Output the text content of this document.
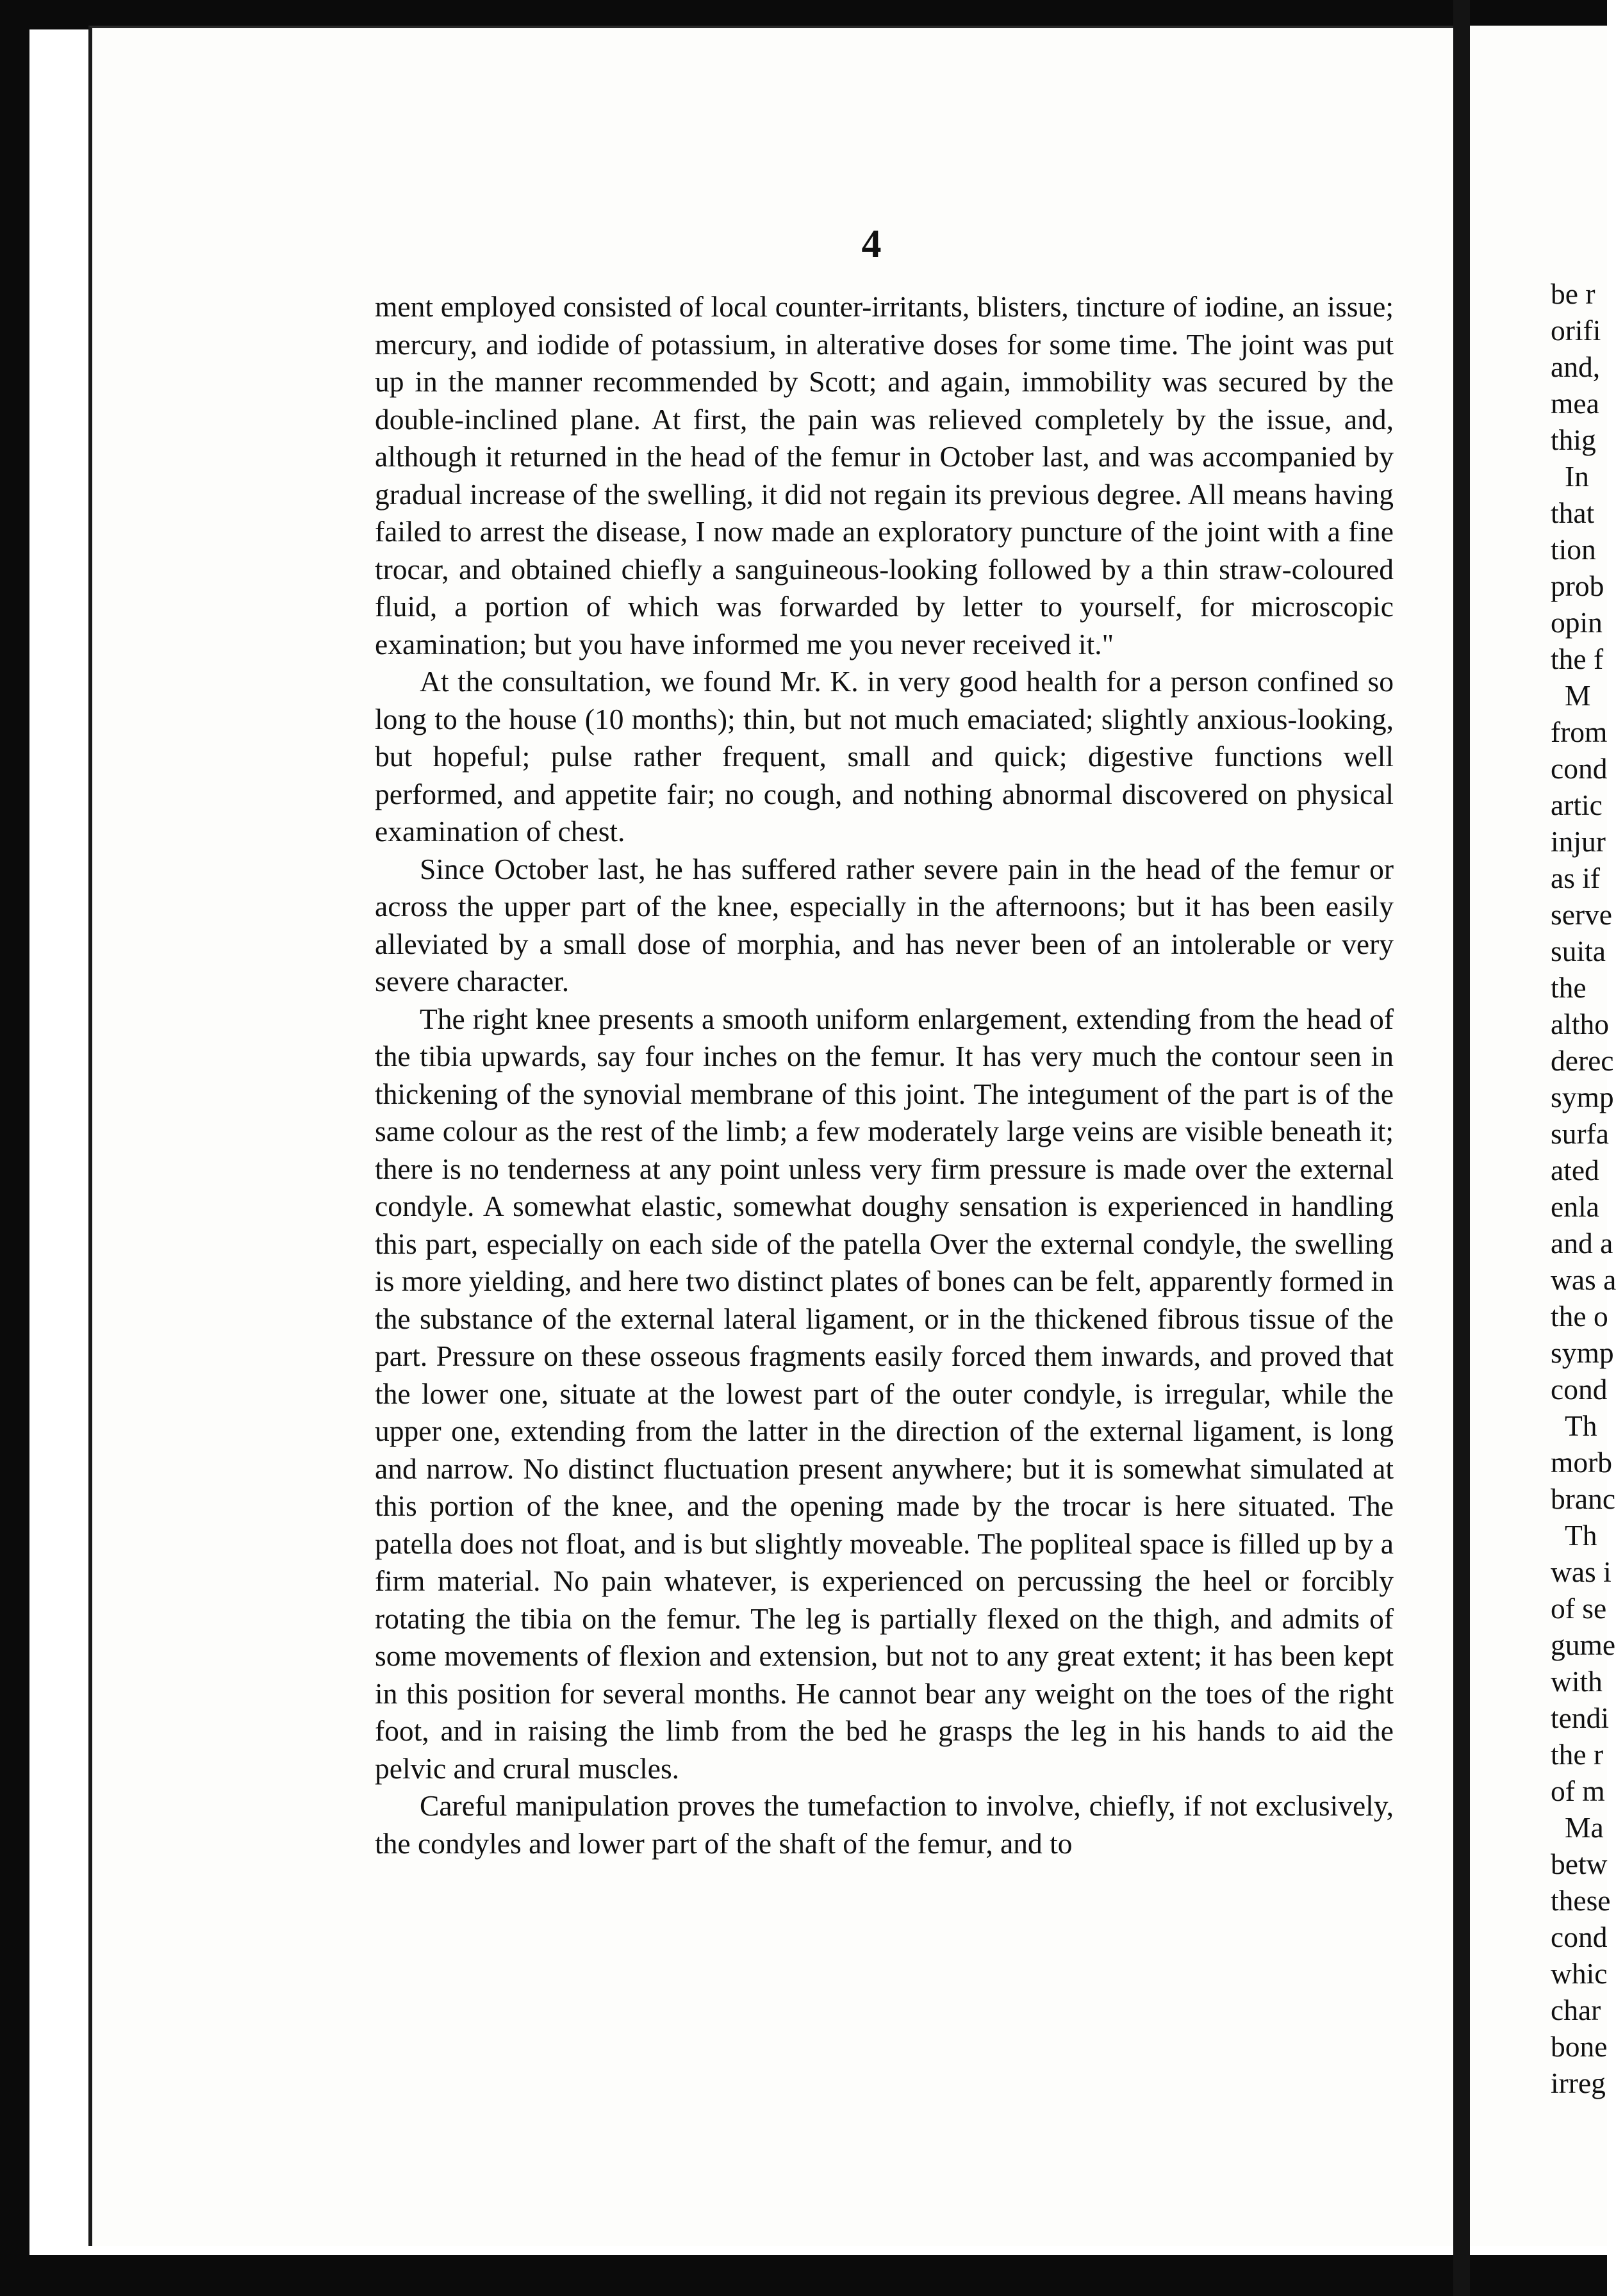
4

ment employed consisted of local counter-irritants, blisters, tincture of iodine, an issue; mercury, and iodide of potassium, in alterative doses for some time. The joint was put up in the manner recommended by Scott; and again, immobility was secured by the double-inclined plane. At first, the pain was relieved completely by the issue, and, although it returned in the head of the femur in October last, and was accompanied by gradual increase of the swelling, it did not regain its previous degree. All means having failed to arrest the disease, I now made an exploratory puncture of the joint with a fine trocar, and obtained chiefly a sanguineous-looking followed by a thin straw-coloured fluid, a portion of which was forwarded by letter to yourself, for microscopic examination; but you have informed me you never received it."

At the consultation, we found Mr. K. in very good health for a person confined so long to the house (10 months); thin, but not much emaciated; slightly anxious-looking, but hopeful; pulse rather frequent, small and quick; digestive functions well performed, and appetite fair; no cough, and nothing abnormal discovered on physical examination of chest.

Since October last, he has suffered rather severe pain in the head of the femur or across the upper part of the knee, especially in the afternoons; but it has been easily alleviated by a small dose of morphia, and has never been of an intolerable or very severe character.

The right knee presents a smooth uniform enlargement, extending from the head of the tibia upwards, say four inches on the femur. It has very much the contour seen in thickening of the synovial membrane of this joint. The integument of the part is of the same colour as the rest of the limb; a few moderately large veins are visible beneath it; there is no tenderness at any point unless very firm pressure is made over the external condyle. A somewhat elastic, somewhat doughy sensation is experienced in handling this part, especially on each side of the patella Over the external condyle, the swelling is more yielding, and here two distinct plates of bones can be felt, apparently formed in the substance of the external lateral ligament, or in the thickened fibrous tissue of the part. Pressure on these osseous fragments easily forced them inwards, and proved that the lower one, situate at the lowest part of the outer condyle, is irregular, while the upper one, extending from the latter in the direction of the external ligament, is long and narrow. No distinct fluctuation present anywhere; but it is somewhat simulated at this portion of the knee, and the opening made by the trocar is here situated. The patella does not float, and is but slightly moveable. The popliteal space is filled up by a firm material. No pain whatever, is experienced on percussing the heel or forcibly rotating the tibia on the femur. The leg is partially flexed on the thigh, and admits of some movements of flexion and extension, but not to any great extent; it has been kept in this position for several months. He cannot bear any weight on the toes of the right foot, and in raising the limb from the bed he grasps the leg in his hands to aid the pelvic and crural muscles.

Careful manipulation proves the tumefaction to involve, chiefly, if not exclusively, the condyles and lower part of the shaft of the femur, and to

be r
orifi
and,
mea
thig
In
that
tion
prob
opin
the f
M
from
cond
artic
injur
as if
serve
suita
the
altho
derec
symp
surfa
ated
enla
and a
was a
the o
symp
cond
Th
morb
branc
Th
was i
of se
gume
with
tendi
the r
of m
Ma
betw
these
cond
whic
char
bone
irreg
